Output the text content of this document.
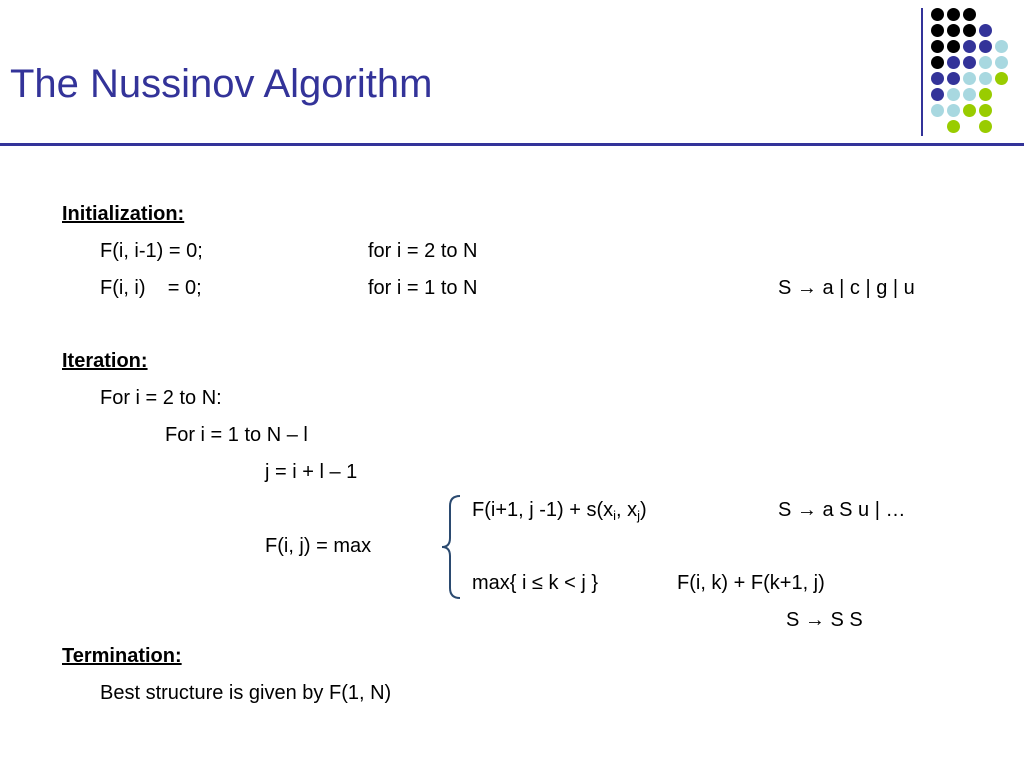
The Nussinov Algorithm
Initialization:
F(i, i-1) = 0;	for i = 2 to N
F(i, i)    = 0;	for i = 1 to N	S → a | c | g | u
Iteration:
For i = 2 to N:
For i = 1 to N – l
j = i + l – 1
F(i+1, j $-1) + s(x_i$, $x_j$)	S → a S u | …
F(i, j) = max
max{ i ≤ k < j }	F(i, k) + F(k+1, j)
S → S S
Termination:
Best structure is given by F(1, N)
